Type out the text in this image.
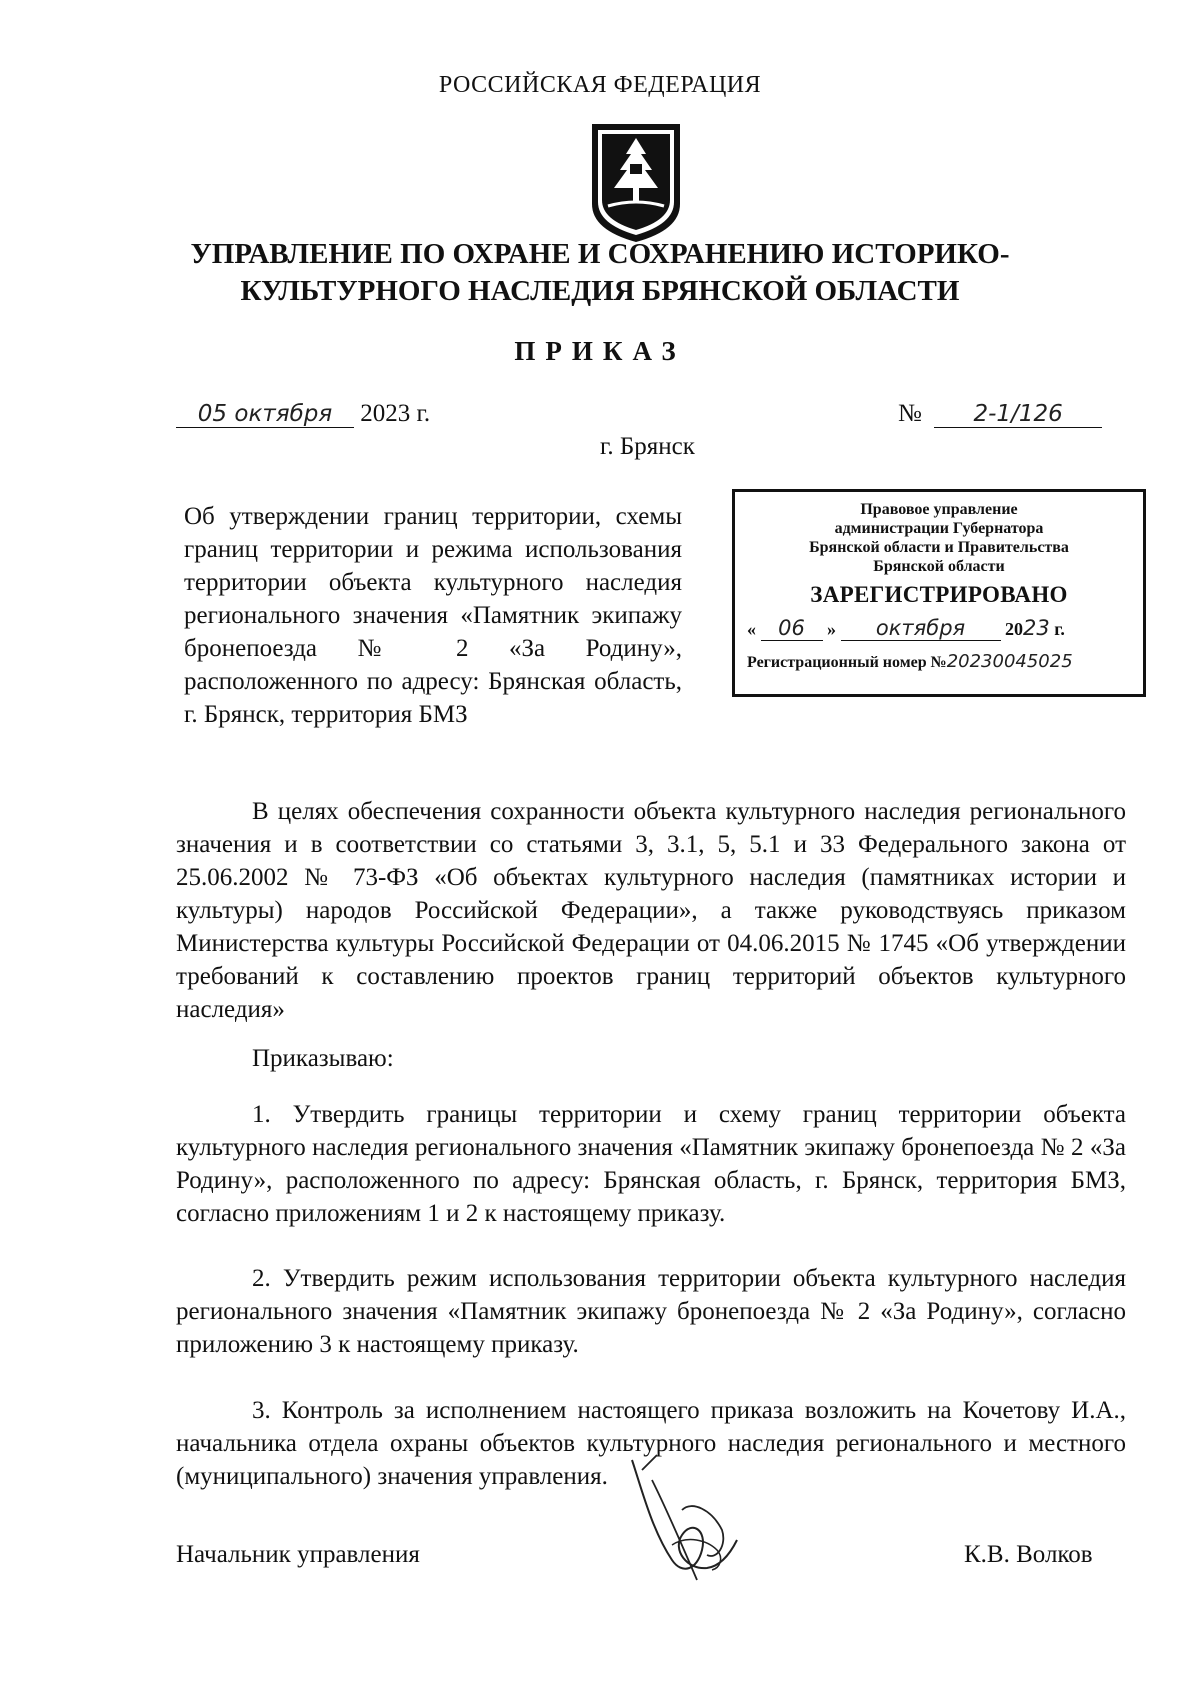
РОССИЙСКАЯ ФЕДЕРАЦИЯ
УПРАВЛЕНИЕ ПО ОХРАНЕ И СОХРАНЕНИЮ ИСТОРИКО-
КУЛЬТУРНОГО НАСЛЕДИЯ БРЯНСКОЙ ОБЛАСТИ
ПРИКАЗ
05 октября 2023 г.	№ 2-1/126
г. Брянск
Об утверждении границ территории, схемы границ территории и режима использования территории объекта культурного наследия регионального значения «Памятник экипажу бронепоезда № 2 «За Родину», расположенного по адресу: Брянская область, г. Брянск, территория БМЗ
Правовое управление
администрации Губернатора
Брянской области и Правительства
Брянской области
ЗАРЕГИСТРИРОВАНО
« 06 » октября 2023 г.
Регистрационный номер №20230045025
В целях обеспечения сохранности объекта культурного наследия регионального значения и в соответствии со статьями 3, 3.1, 5, 5.1 и 33 Федерального закона от 25.06.2002 № 73-ФЗ «Об объектах культурного наследия (памятниках истории и культуры) народов Российской Федерации», а также руководствуясь приказом Министерства культуры Российской Федерации от 04.06.2015 № 1745 «Об утверждении требований к составлению проектов границ территорий объектов культурного наследия»
Приказываю:
1. Утвердить границы территории и схему границ территории объекта культурного наследия регионального значения «Памятник экипажу бронепоезда № 2 «За Родину», расположенного по адресу: Брянская область, г. Брянск, территория БМЗ, согласно приложениям 1 и 2 к настоящему приказу.
2. Утвердить режим использования территории объекта культурного наследия регионального значения «Памятник экипажу бронепоезда № 2 «За Родину», согласно приложению 3 к настоящему приказу.
3. Контроль за исполнением настоящего приказа возложить на Кочетову И.А., начальника отдела охраны объектов культурного наследия регионального и местного (муниципального) значения управления.
Начальник управления	К.В. Волков
